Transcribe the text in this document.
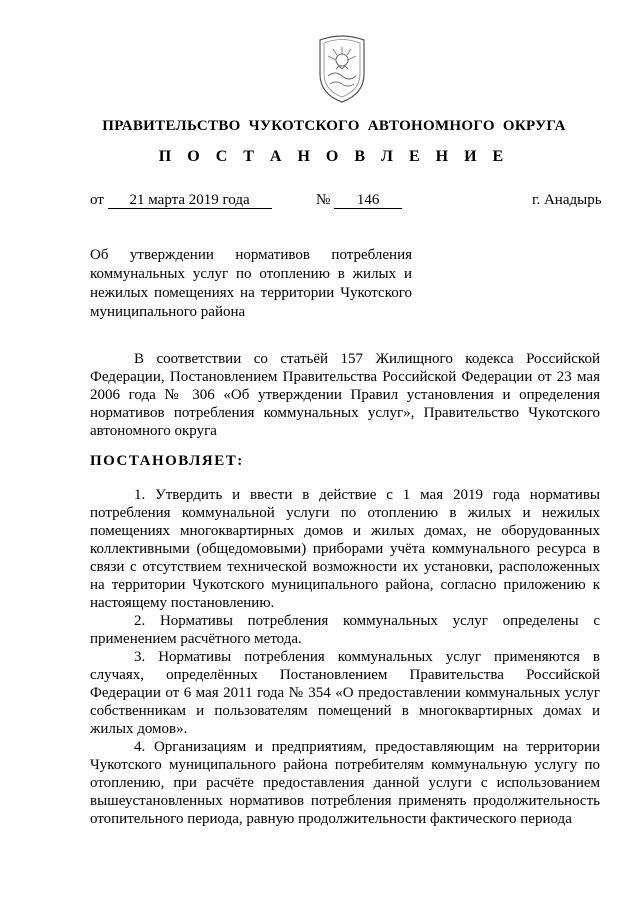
ПРАВИТЕЛЬСТВО ЧУКОТСКОГО АВТОНОМНОГО ОКРУГА
П О С Т А Н О В Л Е Н И Е
от 21 марта 2019 года	№ 146	г. Анадырь
Об утверждении нормативов потребления коммунальных услуг по отоплению в жилых и нежилых помещениях на территории Чукотского муниципального района

В соответствии со статьёй 157 Жилищного кодекса Российской Федерации, Постановлением Правительства Российской Федерации от 23 мая 2006 года № 306 «Об утверждении Правил установления и определения нормативов потребления коммунальных услуг», Правительство Чукотского автономного округа

ПОСТАНОВЛЯЕТ:

1. Утвердить и ввести в действие с 1 мая 2019 года нормативы потребления коммунальной услуги по отоплению в жилых и нежилых помещениях многоквартирных домов и жилых домах, не оборудованных коллективными (общедомовыми) приборами учёта коммунального ресурса в связи с отсутствием технической возможности их установки, расположенных на территории Чукотского муниципального района, согласно приложению к настоящему постановлению.

2. Нормативы потребления коммунальных услуг определены с применением расчётного метода.

3. Нормативы потребления коммунальных услуг применяются в случаях, определённых Постановлением Правительства Российской Федерации от 6 мая 2011 года № 354 «О предоставлении коммунальных услуг собственникам и пользователям помещений в многоквартирных домах и жилых домов».

4. Организациям и предприятиям, предоставляющим на территории Чукотского муниципального района потребителям коммунальную услугу по отоплению, при расчёте предоставления данной услуги с использованием вышеустановленных нормативов потребления применять продолжительность отопительного периода, равную продолжительности фактического периода
